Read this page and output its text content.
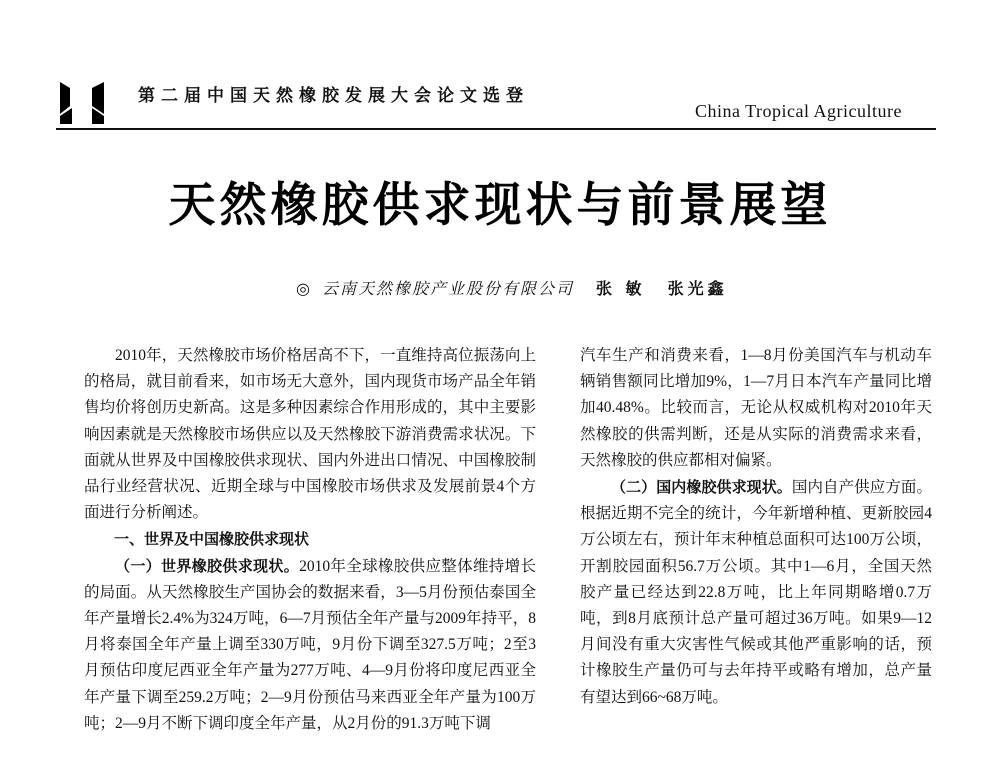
第二届中国天然橡胶发展大会论文选登
China Tropical Agriculture
天然橡胶供求现状与前景展望
◎ 云南天然橡胶产业股份有限公司 张 敏 张光鑫

2010年，天然橡胶市场价格居高不下，一直维持高位振荡向上的格局，就目前看来，如市场无大意外，国内现货市场产品全年销售均价将创历史新高。这是多种因素综合作用形成的，其中主要影响因素就是天然橡胶市场供应以及天然橡胶下游消费需求状况。下面就从世界及中国橡胶供求现状、国内外进出口情况、中国橡胶制品行业经营状况、近期全球与中国橡胶市场供求及发展前景4个方面进行分析阐述。

一、世界及中国橡胶供求现状

（一）世界橡胶供求现状。2010年全球橡胶供应整体维持增长的局面。从天然橡胶生产国协会的数据来看，3—5月份预估泰国全年产量增长2.4%为324万吨，6—7月预估全年产量与2009年持平，8月将泰国全年产量上调至330万吨，9月份下调至327.5万吨；2至3月预估印度尼西亚全年产量为277万吨、4—9月份将印度尼西亚全年产量下调至259.2万吨；2—9月份预估马来西亚全年产量为100万吨；2—9月不断下调印度全年产量，从2月份的91.3万吨下调

汽车生产和消费来看，1—8月份美国汽车与机动车辆销售额同比增加9%，1—7月日本汽车产量同比增加40.48%。比较而言，无论从权威机构对2010年天然橡胶的供需判断，还是从实际的消费需求来看，天然橡胶的供应都相对偏紧。

（二）国内橡胶供求现状。国内自产供应方面。根据近期不完全的统计，今年新增种植、更新胶园4万公顷左右，预计年末种植总面积可达100万公顷，开割胶园面积56.7万公顷。其中1—6月，全国天然胶产量已经达到22.8万吨，比上年同期略增0.7万吨，到8月底预计总产量可超过36万吨。如果9—12月间没有重大灾害性气候或其他严重影响的话，预计橡胶生产量仍可与去年持平或略有增加，总产量有望达到66~68万吨。
